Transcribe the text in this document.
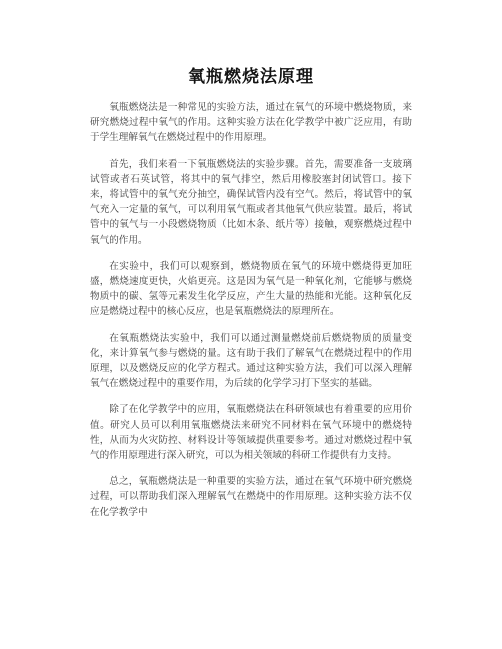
氧瓶燃烧法原理

氧瓶燃烧法是一种常见的实验方法，通过在氧气的环境中燃烧物质，来研究燃烧过程中氧气的作用。这种实验方法在化学教学中被广泛应用，有助于学生理解氧气在燃烧过程中的作用原理。

首先，我们来看一下氧瓶燃烧法的实验步骤。首先，需要准备一支玻璃试管或者石英试管，将其中的氧气排空，然后用橡胶塞封闭试管口。接下来，将试管中的氧气充分抽空，确保试管内没有空气。然后，将试管中的氧气充入一定量的氧气，可以利用氧气瓶或者其他氧气供应装置。最后，将试管中的氧气与一小段燃烧物质（比如木条、纸片等）接触，观察燃烧过程中氧气的作用。

在实验中，我们可以观察到，燃烧物质在氧气的环境中燃烧得更加旺盛，燃烧速度更快，火焰更亮。这是因为氧气是一种氧化剂，它能够与燃烧物质中的碳、氢等元素发生化学反应，产生大量的热能和光能。这种氧化反应是燃烧过程中的核心反应，也是氧瓶燃烧法的原理所在。

在氧瓶燃烧法实验中，我们可以通过测量燃烧前后燃烧物质的质量变化，来计算氧气参与燃烧的量。这有助于我们了解氧气在燃烧过程中的作用原理，以及燃烧反应的化学方程式。通过这种实验方法，我们可以深入理解氧气在燃烧过程中的重要作用，为后续的化学学习打下坚实的基础。

除了在化学教学中的应用，氧瓶燃烧法在科研领域也有着重要的应用价值。研究人员可以利用氧瓶燃烧法来研究不同材料在氧气环境中的燃烧特性，从而为火灾防控、材料设计等领域提供重要参考。通过对燃烧过程中氧气的作用原理进行深入研究，可以为相关领域的科研工作提供有力支持。

总之，氧瓶燃烧法是一种重要的实验方法，通过在氧气环境中研究燃烧过程，可以帮助我们深入理解氧气在燃烧中的作用原理。这种实验方法不仅在化学教学中
